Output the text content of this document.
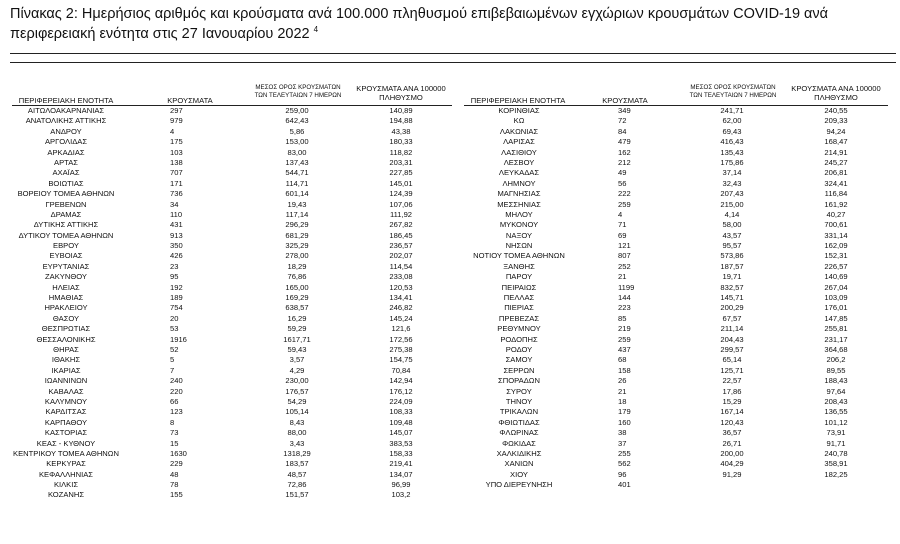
Πίνακας 2: Ημερήσιος αριθμός και κρούσματα ανά 100.000 πληθυσμού επιβεβαιωμένων εγχώριων κρουσμάτων COVID-19 ανά περιφερειακή ενότητα στις 27 Ιανουαρίου 2022 $^4$
ΠΕΡΙΦΕΡΕΙΑΚΗ ΕΝΟΤΗΤΑ	ΚΡΟΥΣΜΑΤΑ
ΜΕΣΟΣ ΟΡΟΣ ΚΡΟΥΣΜΑΤΩΝ
ΤΩΝ ΤΕΛΕΥΤΑΙΩΝ 7 ΗΜΕΡΩΝ
ΚΡΟΥΣΜΑΤΑ ΑΝΑ 100000
ΠΛΗΘΥΣΜΟ	ΠΕΡΙΦΕΡΕΙΑΚΗ ΕΝΟΤΗΤΑ	ΚΡΟΥΣΜΑΤΑ
ΜΕΣΟΣ ΟΡΟΣ ΚΡΟΥΣΜΑΤΩΝ
ΤΩΝ ΤΕΛΕΥΤΑΙΩΝ 7 ΗΜΕΡΩΝ
ΚΡΟΥΣΜΑΤΑ ΑΝΑ 100000
ΠΛΗΘΥΣΜΟ
ΑΙΤΩΛΟΑΚΑΡΝΑΝΙΑΣ	297	259,00	140,89
ΑΝΑΤΟΛΙΚΗΣ ΑΤΤΙΚΗΣ	979	642,43	194,88
ΑΝΔΡΟΥ	4	5,86	43,38
ΑΡΓΟΛΙΔΑΣ	175	153,00	180,33
ΑΡΚΑΔΙΑΣ	103	83,00	118,82
ΑΡΤΑΣ	138	137,43	203,31
ΑΧΑΪΑΣ	707	544,71	227,85
ΒΟΙΩΤΙΑΣ	171	114,71	145,01
ΒΟΡΕΙΟΥ ΤΟΜΕΑ ΑΘΗΝΩΝ	736	601,14	124,39
ΓΡΕΒΕΝΩΝ	34	19,43	107,06
ΔΡΑΜΑΣ	110	117,14	111,92
ΔΥΤΙΚΗΣ ΑΤΤΙΚΗΣ	431	296,29	267,82
ΔΥΤΙΚΟΥ ΤΟΜΕΑ ΑΘΗΝΩΝ	913	681,29	186,45
ΕΒΡΟΥ	350	325,29	236,57
ΕΥΒΟΙΑΣ	426	278,00	202,07
ΕΥΡΥΤΑΝΙΑΣ	23	18,29	114,54
ΖΑΚΥΝΘΟΥ	95	76,86	233,08
ΗΛΕΙΑΣ	192	165,00	120,53
ΗΜΑΘΙΑΣ	189	169,29	134,41
ΗΡΑΚΛΕΙΟΥ	754	638,57	246,82
ΘΑΣΟΥ	20	16,29	145,24
ΘΕΣΠΡΩΤΙΑΣ	53	59,29	121,6
ΘΕΣΣΑΛΟΝΙΚΗΣ	1916	1617,71	172,56
ΘΗΡΑΣ	52	59,43	275,38
ΙΘΑΚΗΣ	5	3,57	154,75
ΙΚΑΡΙΑΣ	7	4,29	70,84
ΙΩΑΝΝΙΝΩΝ	240	230,00	142,94
ΚΑΒΑΛΑΣ	220	176,57	176,12
ΚΑΛΥΜΝΟΥ	66	54,29	224,09
ΚΑΡΔΙΤΣΑΣ	123	105,14	108,33
ΚΑΡΠΑΘΟΥ	8	8,43	109,48
ΚΑΣΤΟΡΙΑΣ	73	88,00	145,07
ΚΕΑΣ - ΚΥΘΝΟΥ	15	3,43	383,53
ΚΕΝΤΡΙΚΟΥ ΤΟΜΕΑ ΑΘΗΝΩΝ	1630	1318,29	158,33
ΚΕΡΚΥΡΑΣ	229	183,57	219,41
ΚΕΦΑΛΛΗΝΙΑΣ	48	48,57	134,07
ΚΙΛΚΙΣ	78	72,86	96,99
ΚΟΖΑΝΗΣ	155	151,57	103,2
ΚΟΡΙΝΘΙΑΣ	349	241,71	240,55
ΚΩ	72	62,00	209,33
ΛΑΚΩΝΙΑΣ	84	69,43	94,24
ΛΑΡΙΣΑΣ	479	416,43	168,47
ΛΑΣΙΘΙΟΥ	162	135,43	214,91
ΛΕΣΒΟΥ	212	175,86	245,27
ΛΕΥΚΑΔΑΣ	49	37,14	206,81
ΛΗΜΝΟΥ	56	32,43	324,41
ΜΑΓΝΗΣΙΑΣ	222	207,43	116,84
ΜΕΣΣΗΝΙΑΣ	259	215,00	161,92
ΜΗΛΟΥ	4	4,14	40,27
ΜΥΚΟΝΟΥ	71	58,00	700,61
ΝΑΞΟΥ	69	43,57	331,14
ΝΗΣΩΝ	121	95,57	162,09
ΝΟΤΙΟΥ ΤΟΜΕΑ ΑΘΗΝΩΝ	807	573,86	152,31
ΞΑΝΘΗΣ	252	187,57	226,57
ΠΑΡΟΥ	21	19,71	140,69
ΠΕΙΡΑΙΩΣ	1199	832,57	267,04
ΠΕΛΛΑΣ	144	145,71	103,09
ΠΙΕΡΙΑΣ	223	200,29	176,01
ΠΡΕΒΕΖΑΣ	85	67,57	147,85
ΡΕΘΥΜΝΟΥ	219	211,14	255,81
ΡΟΔΟΠΗΣ	259	204,43	231,17
ΡΟΔΟΥ	437	299,57	364,68
ΣΑΜΟΥ	68	65,14	206,2
ΣΕΡΡΩΝ	158	125,71	89,55
ΣΠΟΡΑΔΩΝ	26	22,57	188,43
ΣΥΡΟΥ	21	17,86	97,64
ΤΗΝΟΥ	18	15,29	208,43
ΤΡΙΚΑΛΩΝ	179	167,14	136,55
ΦΘΙΩΤΙΔΑΣ	160	120,43	101,12
ΦΛΩΡΙΝΑΣ	38	36,57	73,91
ΦΩΚΙΔΑΣ	37	26,71	91,71
ΧΑΛΚΙΔΙΚΗΣ	255	200,00	240,78
ΧΑΝΙΩΝ	562	404,29	358,91
ΧΙΟΥ	96	91,29	182,25
ΥΠΟ ΔΙΕΡΕΥΝΗΣΗ	401
